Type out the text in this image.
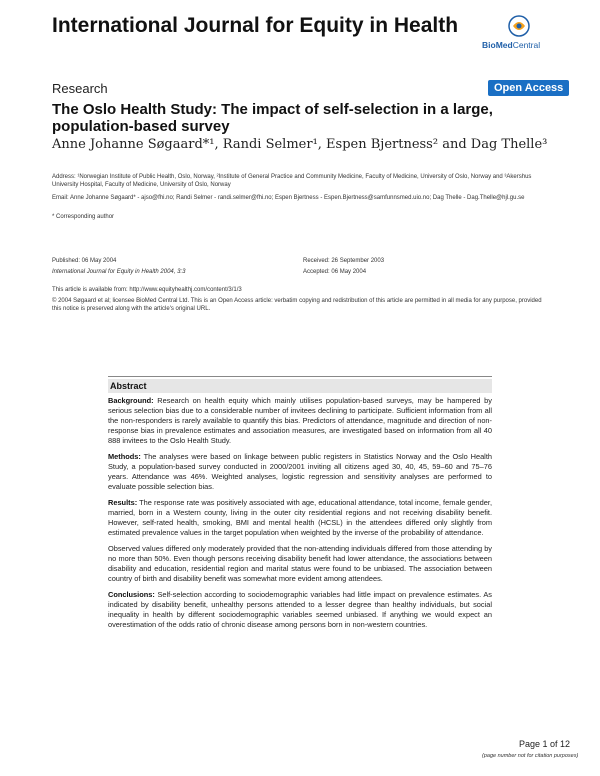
International Journal for Equity in Health
BioMedCentral
Research	Open Access
The Oslo Health Study: The impact of self-selection in a large, population-based survey
Anne Johanne Søgaard*¹, Randi Selmer¹, Espen Bjertness² and Dag Thelle³
Address: ¹Norwegian Institute of Public Health, Oslo, Norway, ²Institute of General Practice and Community Medicine, Faculty of Medicine, University of Oslo, Norway and ³Akershus University Hospital, Faculty of Medicine, University of Oslo, Norway
Email: Anne Johanne Søgaard* - ajso@fhi.no; Randi Selmer - randi.selmer@fhi.no; Espen Bjertness - Espen.Bjertness@samfunnsmed.uio.no; Dag Thelle - Dag.Thelle@hjl.gu.se
* Corresponding author
Published: 06 May 2004
International Journal for Equity in Health 2004, 3:3
Received: 26 September 2003
Accepted: 06 May 2004
This article is available from: http://www.equityhealthj.com/content/3/1/3
© 2004 Søgaard et al; licensee BioMed Central Ltd. This is an Open Access article: verbatim copying and redistribution of this article are permitted in all media for any purpose, provided this notice is preserved along with the article's original URL.
Abstract
Background: Research on health equity which mainly utilises population-based surveys, may be hampered by serious selection bias due to a considerable number of invitees declining to participate. Sufficient information from all the non-responders is rarely available to quantify this bias. Predictors of attendance, magnitude and direction of non-response bias in prevalence estimates and association measures, are investigated based on information from all 40 888 invitees to the Oslo Health Study.
Methods: The analyses were based on linkage between public registers in Statistics Norway and the Oslo Health Study, a population-based survey conducted in 2000/2001 inviting all citizens aged 30, 40, 45, 59–60 and 75–76 years. Attendance was 46%. Weighted analyses, logistic regression and sensitivity analyses are performed to evaluate possible selection bias.
Results: The response rate was positively associated with age, educational attendance, total income, female gender, married, born in a Western county, living in the outer city residential regions and not receiving disability benefit. However, self-rated health, smoking, BMI and mental health (HCSL) in the attendees differed only slightly from estimated prevalence values in the target population when weighted by the inverse of the probability of attendance.
Observed values differed only moderately provided that the non-attending individuals differed from those attending by no more than 50%. Even though persons receiving disability benefit had lower attendance, the associations between disability and education, residential region and marital status were found to be unbiased. The association between country of birth and disability benefit was somewhat more evident among attendees.
Conclusions: Self-selection according to sociodemographic variables had little impact on prevalence estimates. As indicated by disability benefit, unhealthy persons attended to a lesser degree than healthy individuals, but social inequality in health by different sociodemographic variables seemed unbiased. If anything we would expect an overestimation of the odds ratio of chronic disease among persons born in non-western countries.
Page 1 of 12
(page number not for citation purposes)
